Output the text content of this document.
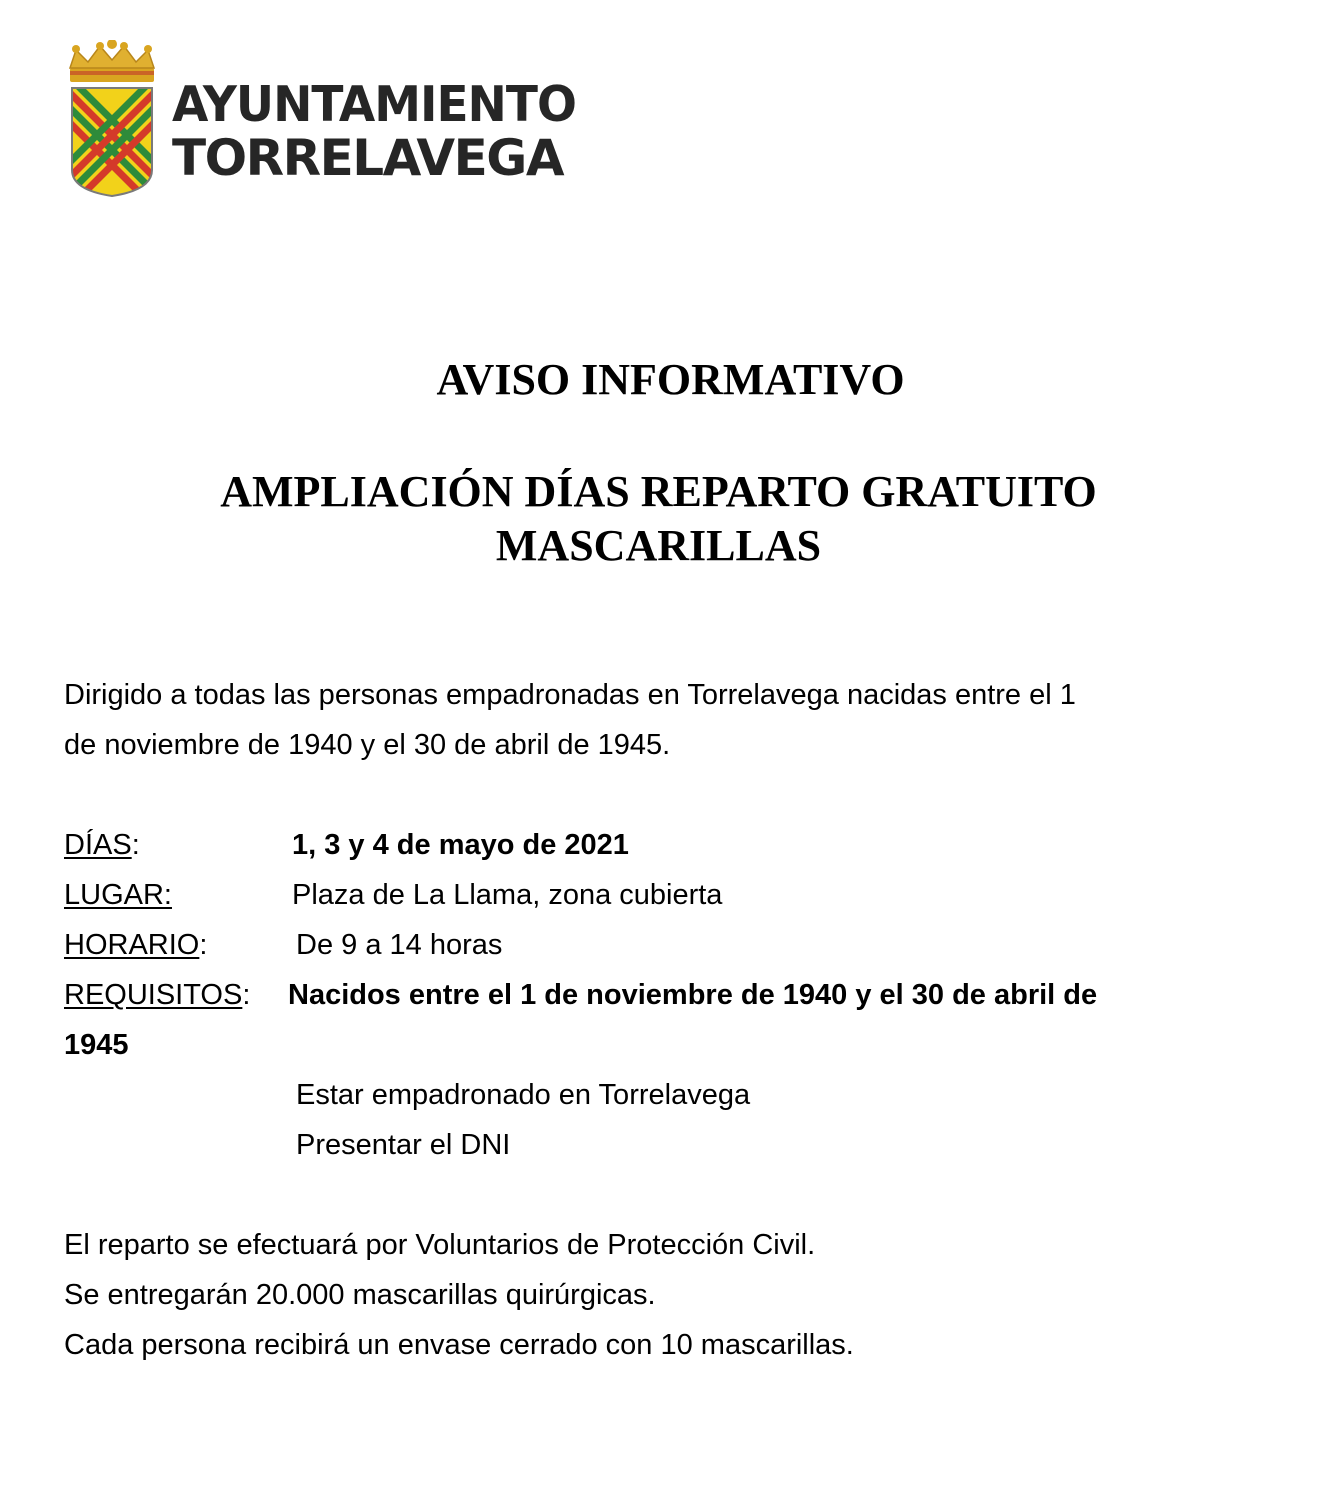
AYUNTAMIENTO
TORRELAVEGA
AVISO INFORMATIVO
AMPLIACIÓN DÍAS REPARTO GRATUITO
MASCARILLAS
Dirigido a todas las personas empadronadas en Torrelavega nacidas entre el 1
de noviembre de 1940 y el 30 de abril de 1945.
DÍAS:	1, 3 y 4 de mayo de 2021
LUGAR:	Plaza de La Llama, zona cubierta
HORARIO:	De 9 a 14 horas
REQUISITOS: Nacidos entre el 1 de noviembre de 1940 y el 30 de abril de
1945
Estar empadronado en Torrelavega
Presentar el DNI
El reparto se efectuará por Voluntarios de Protección Civil.
Se entregarán 20.000 mascarillas quirúrgicas.
Cada persona recibirá un envase cerrado con 10 mascarillas.
